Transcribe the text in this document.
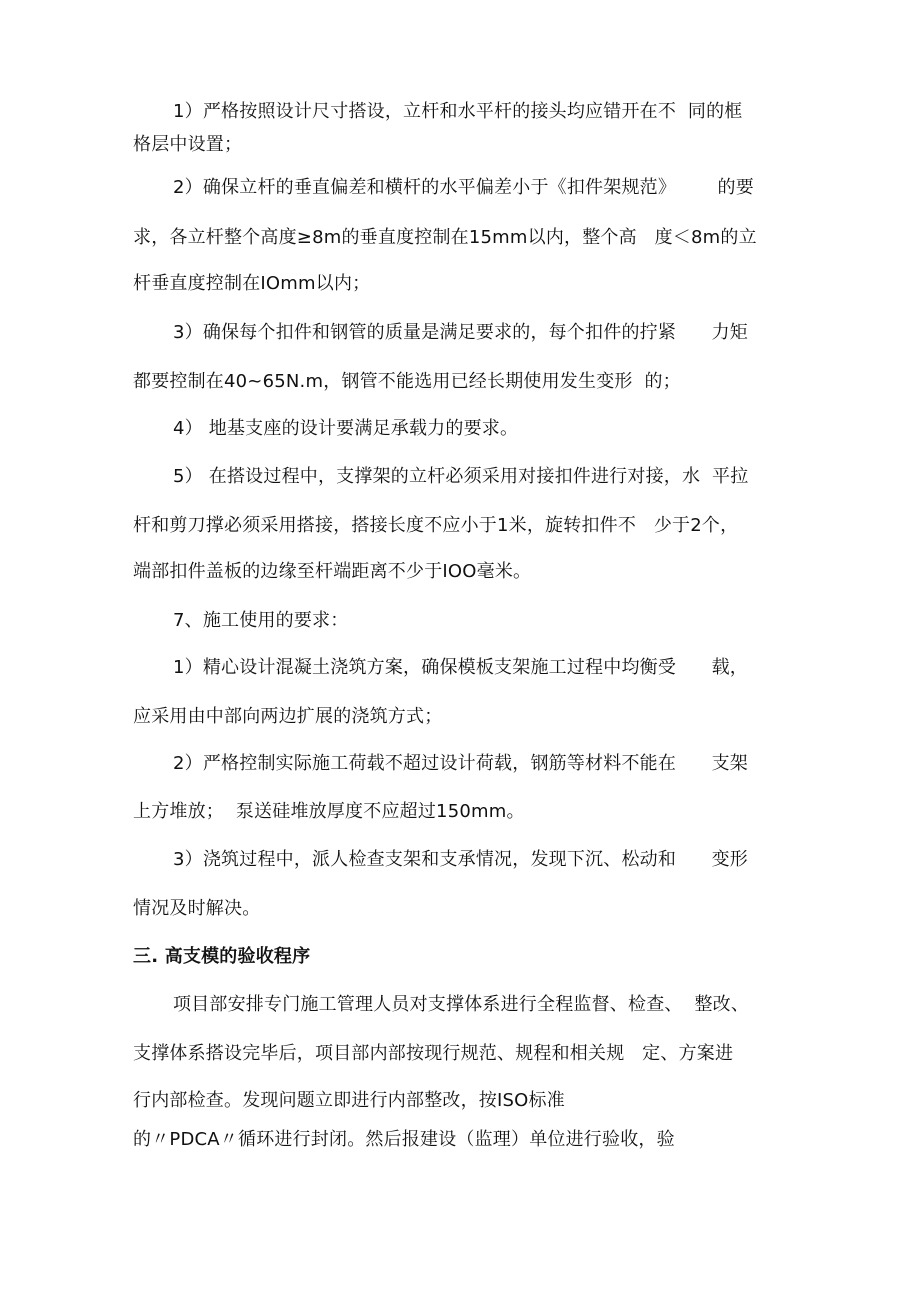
1）严格按照设计尺寸搭设，立杆和水平杆的接头均应错开在不  同的框
格层中设置；
2）确保立杆的垂直偏差和横杆的水平偏差小于《扣件架规范》       的要
求，各立杆整个高度≥8m的垂直度控制在15mm以内，整个高   度＜8m的立
杆垂直度控制在IOmm以内；
3）确保每个扣件和钢管的质量是满足要求的，每个扣件的拧紧      力矩
都要控制在40~65N.m，钢管不能选用已经长期使用发生变形  的；
4） 地基支座的设计要满足承载力的要求。
5） 在搭设过程中，支撑架的立杆必须采用对接扣件进行对接，水  平拉
杆和剪刀撑必须采用搭接，搭接长度不应小于1米，旋转扣件不   少于2个，
端部扣件盖板的边缘至杆端距离不少于IOO毫米。
7、施工使用的要求：
1）精心设计混凝土浇筑方案，确保模板支架施工过程中均衡受      载，
应采用由中部向两边扩展的浇筑方式；
2）严格控制实际施工荷载不超过设计荷载，钢筋等材料不能在      支架
上方堆放；  泵送硅堆放厚度不应超过150mm。
3）浇筑过程中，派人检查支架和支承情况，发现下沉、松动和      变形
情况及时解决。
三. 高支模的验收程序
项目部安排专门施工管理人员对支撑体系进行全程监督、检查、  整改、
支撑体系搭设完毕后，项目部内部按现行规范、规程和相关规   定、方案进
行内部检查。发现问题立即进行内部整改，按ISO标准
的〃PDCA〃循环进行封闭。然后报建设（监理）单位进行验收，验
